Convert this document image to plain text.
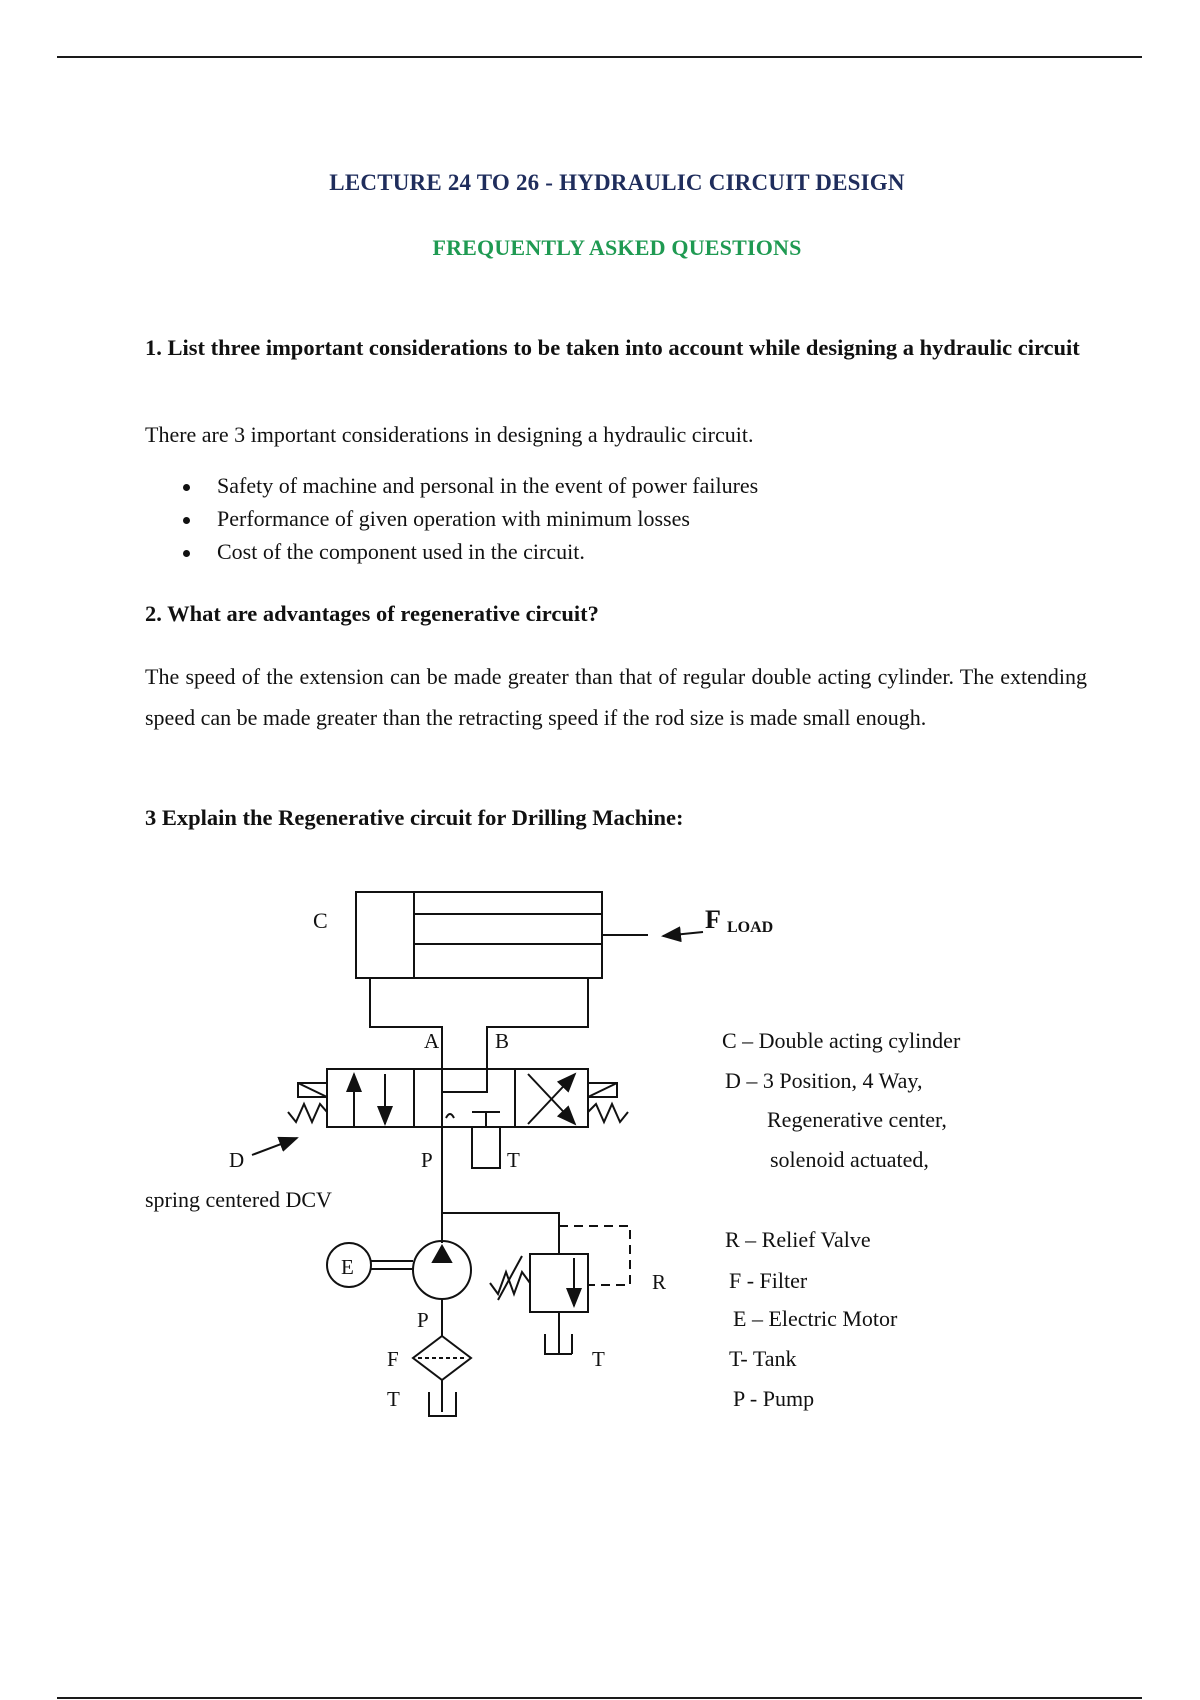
LECTURE 24 TO 26 - HYDRAULIC CIRCUIT DESIGN
FREQUENTLY ASKED QUESTIONS

1. List three important considerations to be taken into account while designing a hydraulic circuit

There are 3 important considerations in designing a hydraulic circuit.

Safety of machine and personal in the event of power failures
Performance of given operation with minimum losses
Cost of the component used in the circuit.

2. What are advantages of regenerative circuit?

The speed of the extension can be made greater than that of regular double acting cylinder. The extending speed can be made greater than the retracting speed if the rod size is made small enough.

3 Explain the Regenerative circuit for Drilling Machine:

C	F LOAD
A	B
D	P	T
spring centered DCV
E
P
F
T
R
T
C – Double acting cylinder
D – 3 Position, 4 Way,
Regenerative center,
solenoid actuated,
R – Relief Valve
F - Filter
E – Electric Motor
T- Tank
P - Pump
